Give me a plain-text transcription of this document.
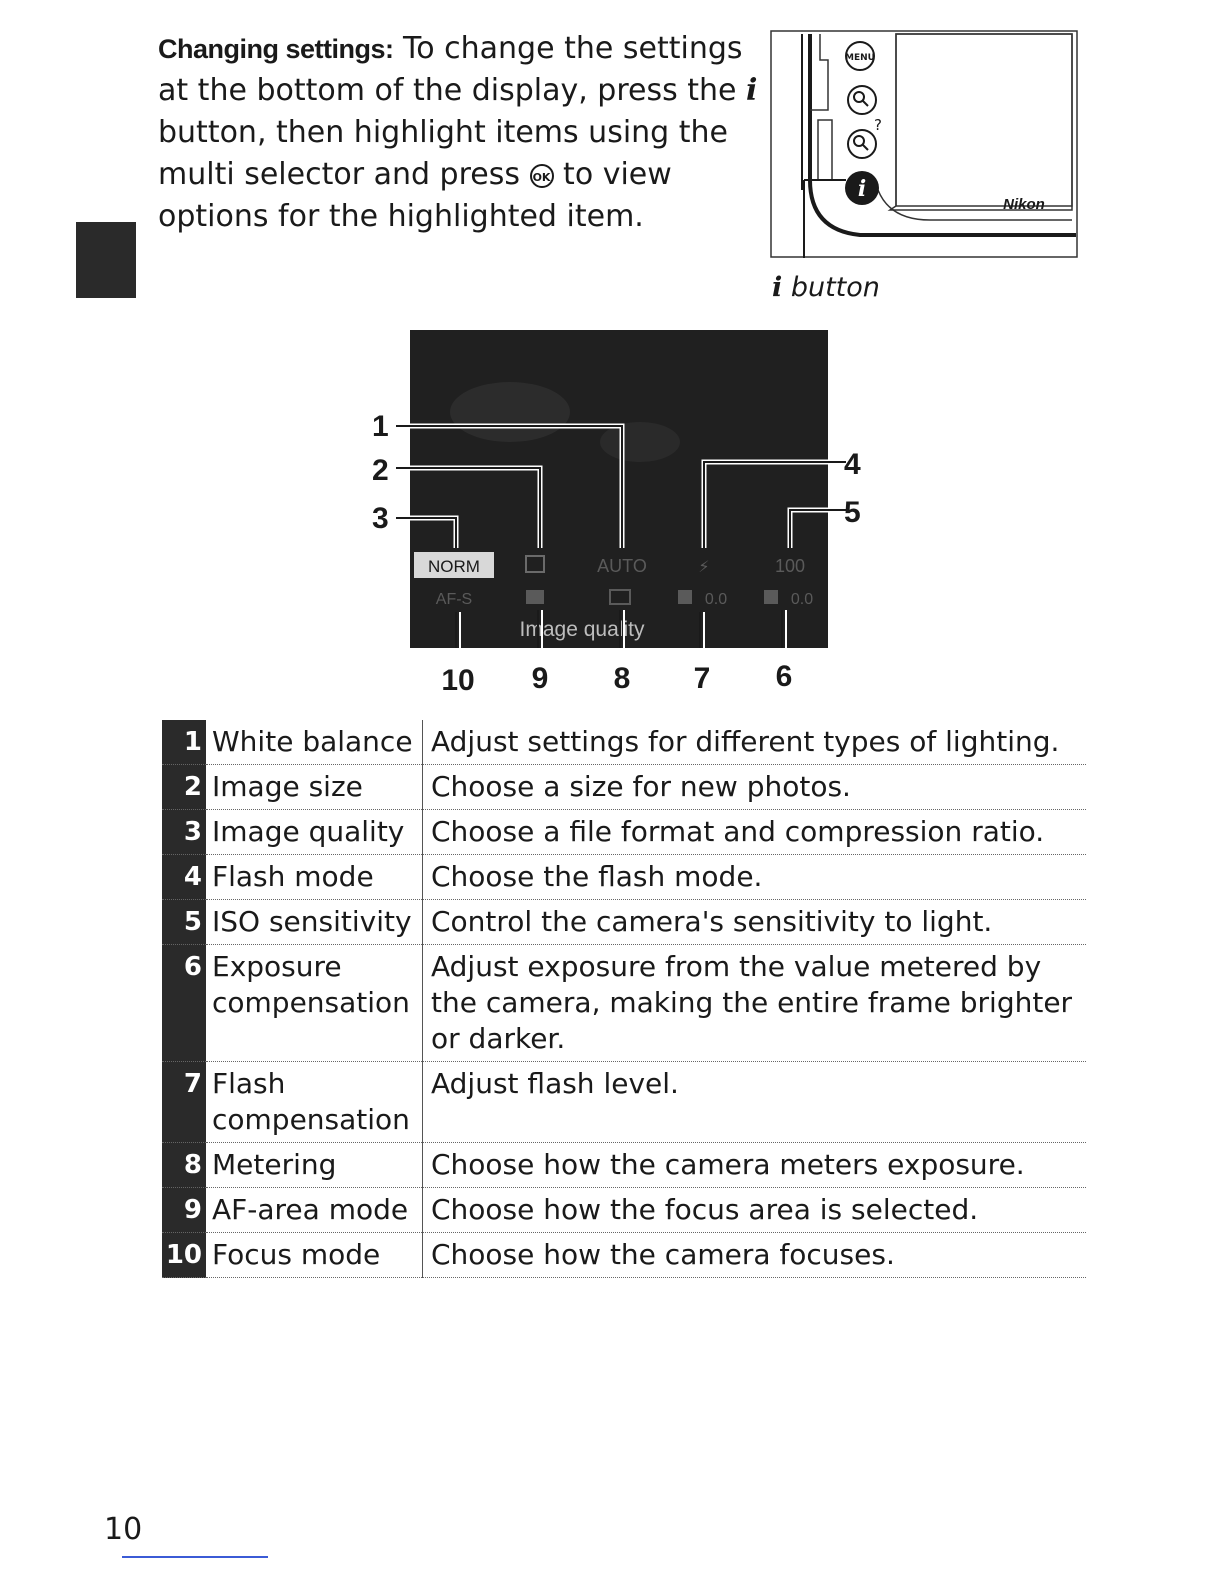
Changing settings: To change the settings at the bottom of the display, press the i button, then highlight items using the multi selector and press OK to view options for the highlighted item.

MENU
?
i
Nikon
i button
NORM	AUTO	⚡	100
AF-S	0.0	0.0
Image quality
1
2
3
4
5
6
7
8
9
10
1	White balance	Adjust settings for different types of lighting.

2	Image size	Choose a size for new photos.

3	Image quality	Choose a file format and compression ratio.

4	Flash mode	Choose the flash mode.

5	ISO sensitivity	Control the camera's sensitivity to light.

6	Exposure compensation	Adjust exposure from the value metered by the camera, making the entire frame brighter or darker.

7	Flash compensation	Adjust flash level.

8	Metering	Choose how the camera meters exposure.

9	AF-area mode	Choose how the focus area is selected.

10	Focus mode	Choose how the camera focuses.
10
